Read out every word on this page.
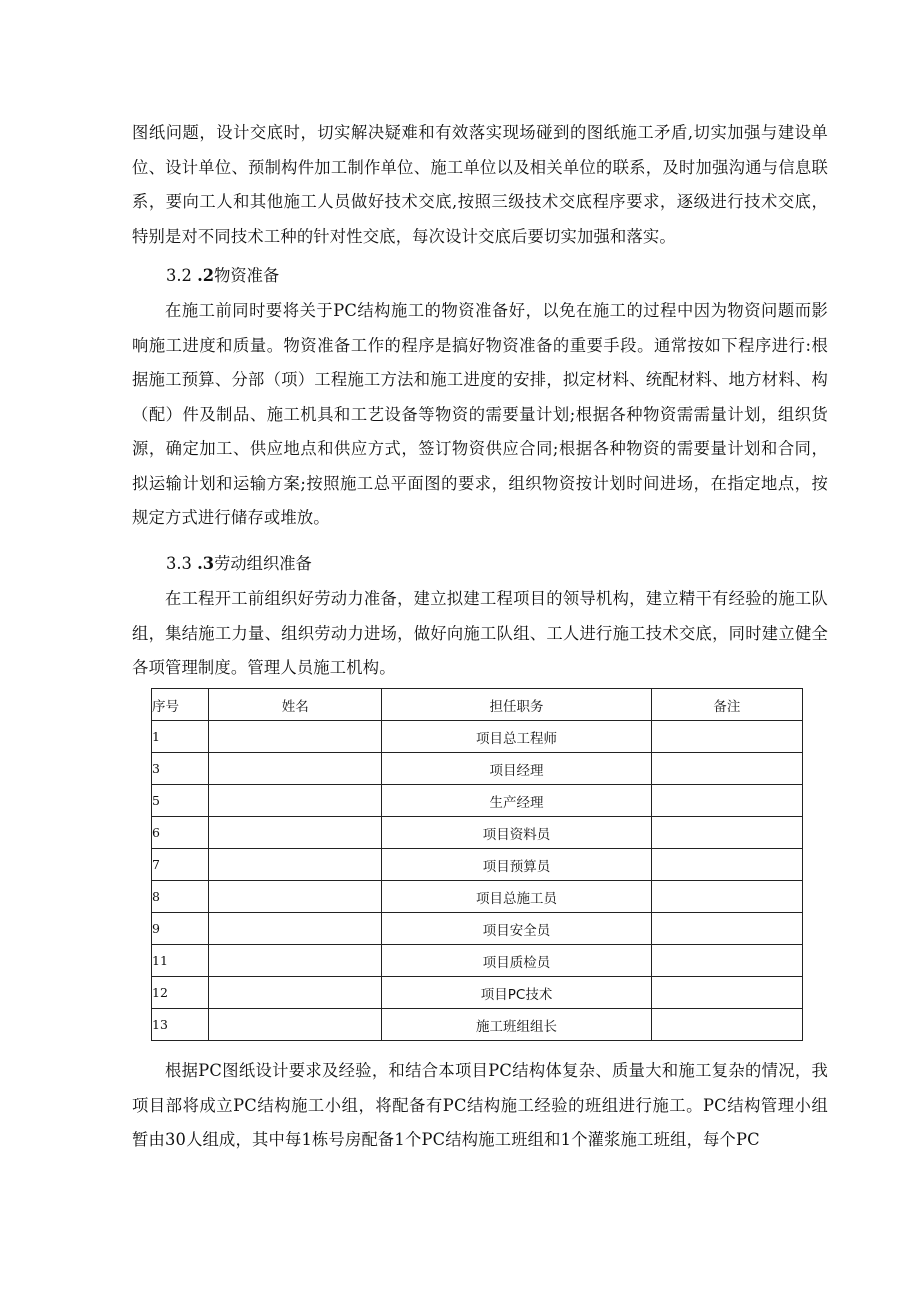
图纸问题，设计交底时，切实解决疑难和有效落实现场碰到的图纸施工矛盾,切实加强与建设单位、设计单位、预制构件加工制作单位、施工单位以及相关单位的联系，及时加强沟通与信息联系，要向工人和其他施工人员做好技术交底,按照三级技术交底程序要求，逐级进行技术交底，特别是对不同技术工种的针对性交底，每次设计交底后要切实加强和落实。

3.2 .2物资准备

在施工前同时要将关于PC结构施工的物资准备好，以免在施工的过程中因为物资问题而影响施工进度和质量。物资准备工作的程序是搞好物资准备的重要手段。通常按如下程序进行:根据施工预算、分部（项）工程施工方法和施工进度的安排，拟定材料、统配材料、地方材料、构（配）件及制品、施工机具和工艺设备等物资的需要量计划;根据各种物资需需量计划，组织货源，确定加工、供应地点和供应方式，签订物资供应合同;根据各种物资的需要量计划和合同，拟运输计划和运输方案;按照施工总平面图的要求，组织物资按计划时间进场，在指定地点，按规定方式进行储存或堆放。

3.3 .3劳动组织准备

在工程开工前组织好劳动力准备，建立拟建工程项目的领导机构，建立精干有经验的施工队组，集结施工力量、组织劳动力进场，做好向施工队组、工人进行施工技术交底，同时建立健全各项管理制度。管理人员施工机构。

序号	姓名	担任职务	备注
1		项目总工程师	
3		项目经理	
5		生产经理	
6		项目资料员	
7		项目预算员	
8		项目总施工员	
9		项目安全员	
11		项目质检员	
12		项目PC技术	
13		施工班组组长	

根据PC图纸设计要求及经验，和结合本项目PC结构体复杂、质量大和施工复杂的情况，我项目部将成立PC结构施工小组，将配备有PC结构施工经验的班组进行施工。PC结构管理小组暂由30人组成，其中每1栋号房配备1个PC结构施工班组和1个灌浆施工班组，每个PC
